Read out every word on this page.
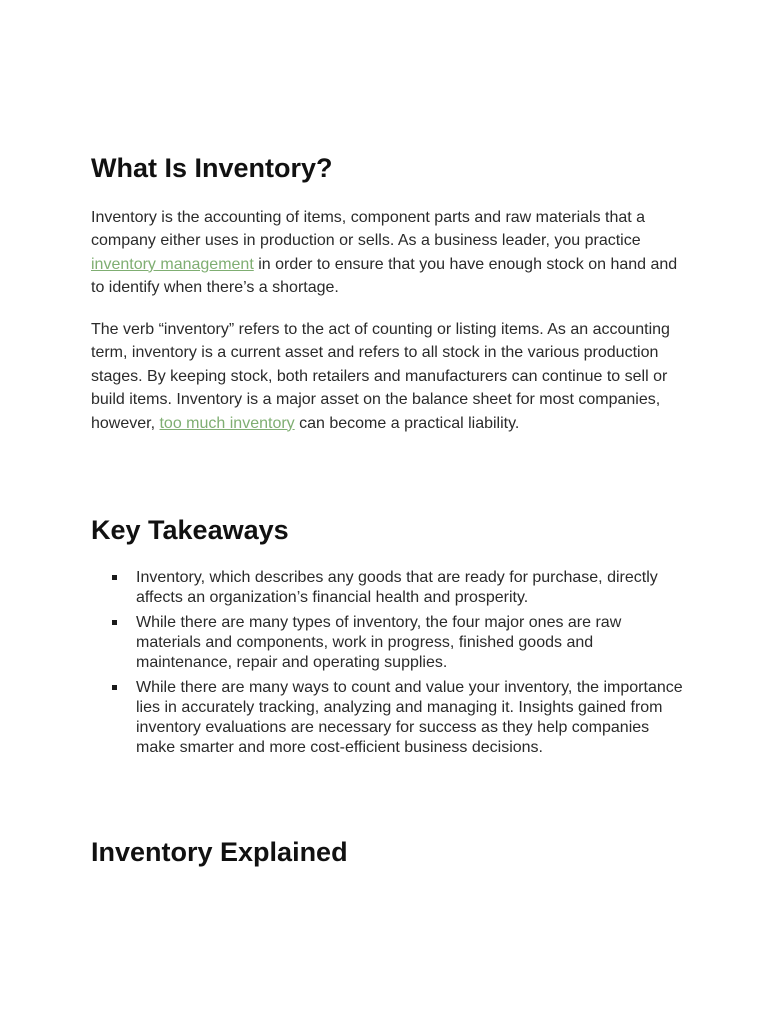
What Is Inventory?

Inventory is the accounting of items, component parts and raw materials that a company either uses in production or sells. As a business leader, you practice inventory management in order to ensure that you have enough stock on hand and to identify when there’s a shortage.

The verb “inventory” refers to the act of counting or listing items. As an accounting term, inventory is a current asset and refers to all stock in the various production stages. By keeping stock, both retailers and manufacturers can continue to sell or build items. Inventory is a major asset on the balance sheet for most companies, however, too much inventory can become a practical liability.

Key Takeaways
Inventory, which describes any goods that are ready for purchase, directly affects an organization’s financial health and prosperity.
While there are many types of inventory, the four major ones are raw materials and components, work in progress, finished goods and maintenance, repair and operating supplies.
While there are many ways to count and value your inventory, the importance lies in accurately tracking, analyzing and managing it. Insights gained from inventory evaluations are necessary for success as they help companies make smarter and more cost-efficient business decisions.
Inventory Explained
